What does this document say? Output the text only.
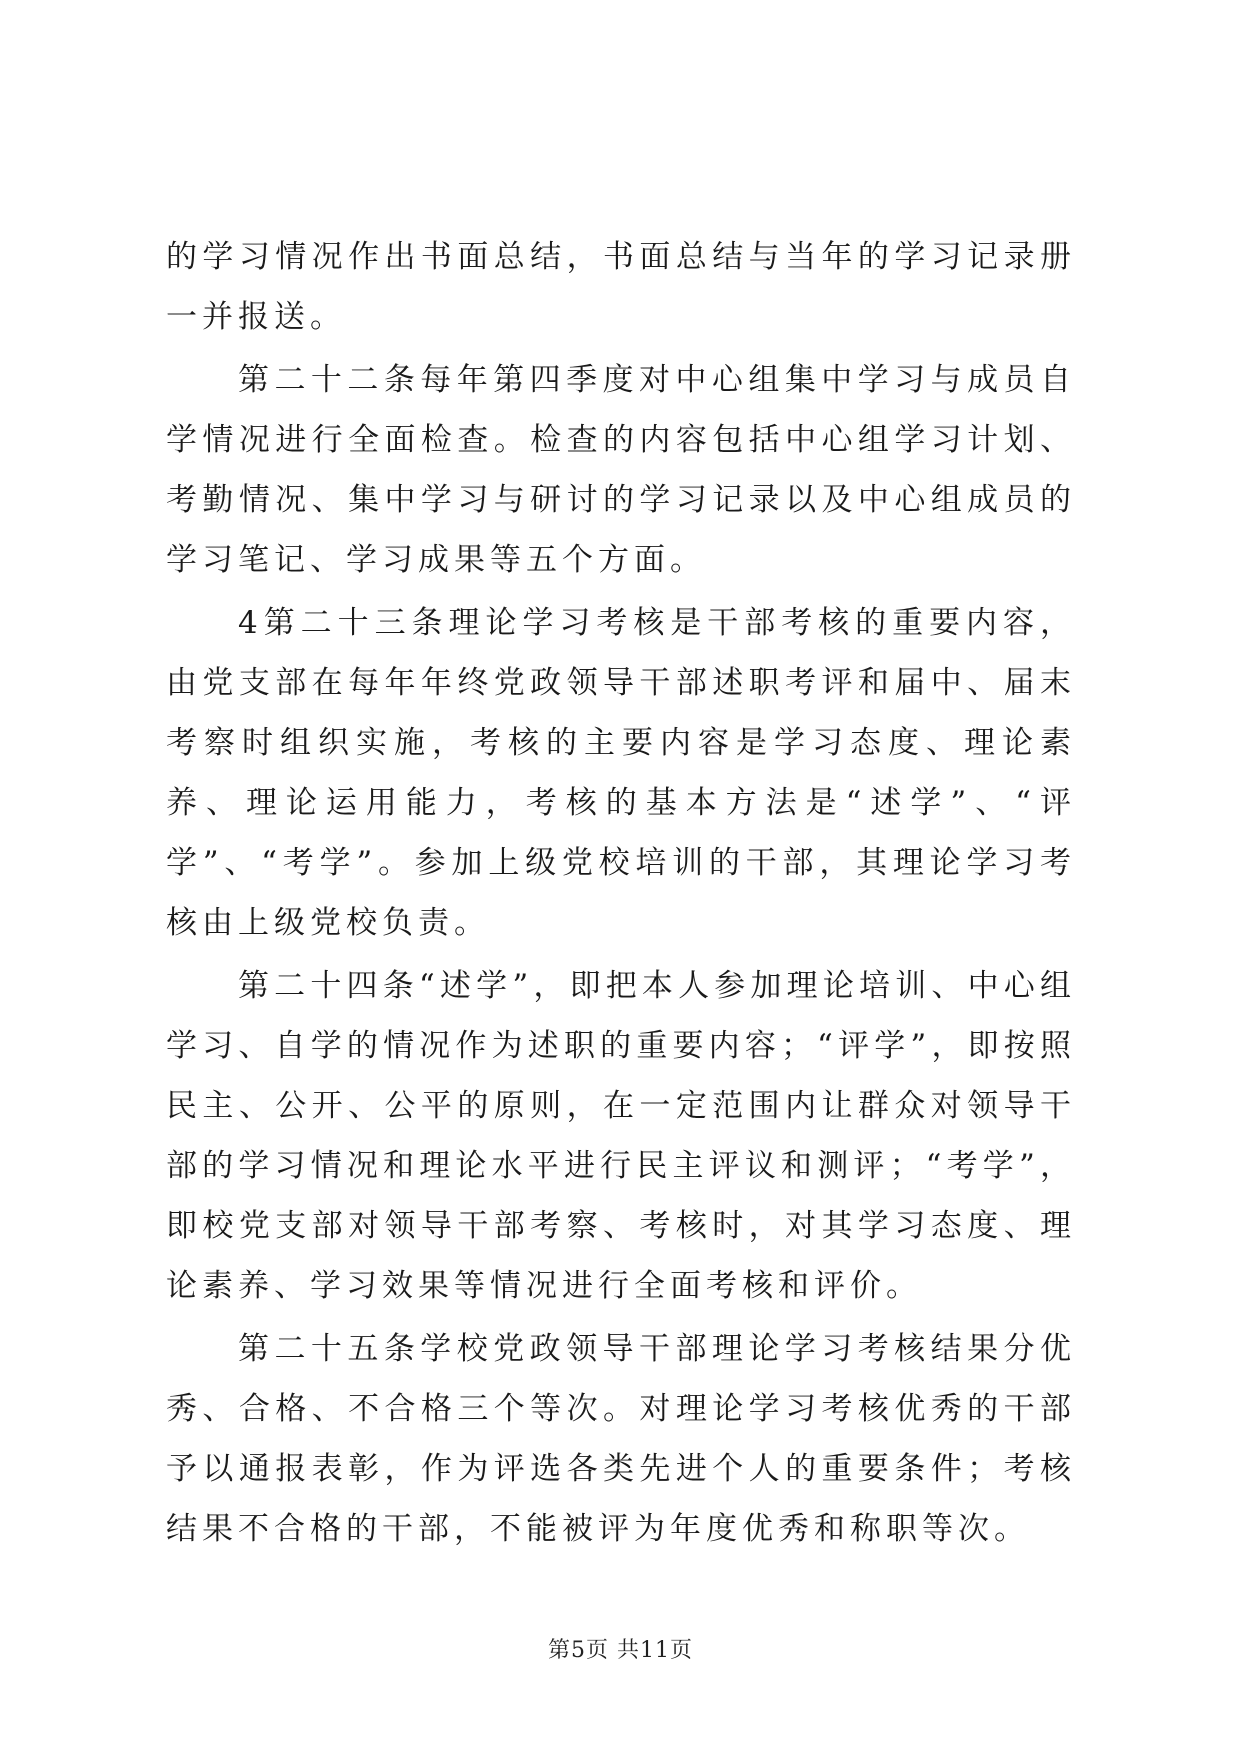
的学习情况作出书面总结，书面总结与当年的学习记录册一并报送。

第二十二条每年第四季度对中心组集中学习与成员自学情况进行全面检查。检查的内容包括中心组学习计划、考勤情况、集中学习与研讨的学习记录以及中心组成员的学习笔记、学习成果等五个方面。

4第二十三条理论学习考核是干部考核的重要内容，由党支部在每年年终党政领导干部述职考评和届中、届末考察时组织实施，考核的主要内容是学习态度、理论素养、理论运用能力，考核的基本方法是“述学”、“评学”、“考学”。参加上级党校培训的干部，其理论学习考核由上级党校负责。

第二十四条“述学”，即把本人参加理论培训、中心组学习、自学的情况作为述职的重要内容；“评学”，即按照民主、公开、公平的原则，在一定范围内让群众对领导干部的学习情况和理论水平进行民主评议和测评；“考学”，即校党支部对领导干部考察、考核时，对其学习态度、理论素养、学习效果等情况进行全面考核和评价。

第二十五条学校党政领导干部理论学习考核结果分优秀、合格、不合格三个等次。对理论学习考核优秀的干部予以通报表彰，作为评选各类先进个人的重要条件；考核结果不合格的干部，不能被评为年度优秀和称职等次。

第5页 共11页
